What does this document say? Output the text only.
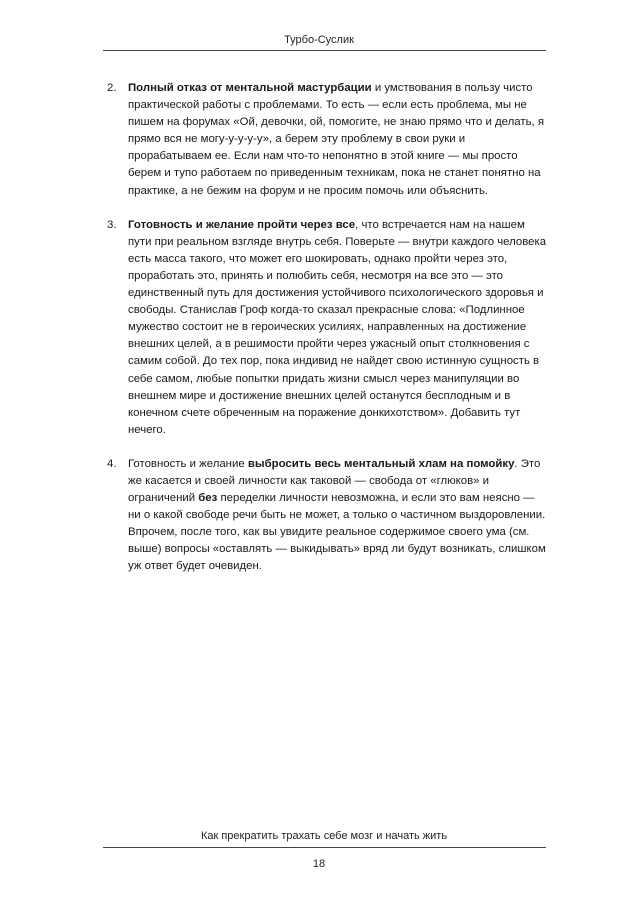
Турбо-Суслик
2. Полный отказ от ментальной мастурбации и умствования в пользу чисто практической работы с проблемами. То есть — если есть проблема, мы не пишем на форумах «Ой, девочки, ой, помогите, не знаю прямо что и делать, я прямо вся не могу-у-у-у-у», а берем эту проблему в свои руки и прорабатываем ее. Если нам что-то непонятно в этой книге — мы просто берем и тупо работаем по приведенным техникам, пока не станет понятно на практике, а не бежим на форум и не просим помочь или объяснить.
3. Готовность и желание пройти через все, что встречается нам на нашем пути при реальном взгляде внутрь себя. Поверьте — внутри каждого человека есть масса такого, что может его шокировать, однако пройти через это, проработать это, принять и полюбить себя, несмотря на все это — это единственный путь для достижения устойчивого психологического здоровья и свободы. Станислав Гроф когда-то сказал прекрасные слова: «Подлинное мужество состоит не в героических усилиях, направленных на достижение внешних целей, а в решимости пройти через ужасный опыт столкновения с самим собой. До тех пор, пока индивид не найдет свою истинную сущность в себе самом, любые попытки придать жизни смысл через манипуляции во внешнем мире и достижение внешних целей останутся бесплодным и в конечном счете обреченным на поражение донкихотством». Добавить тут нечего.
4. Готовность и желание выбросить весь ментальный хлам на помойку. Это же касается и своей личности как таковой — свобода от «глюков» и ограничений без переделки личности невозможна, и если это вам неясно — ни о какой свободе речи быть не может, а только о частичном выздоровлении. Впрочем, после того, как вы увидите реальное содержимое своего ума (см. выше) вопросы «оставлять — выкидывать» вряд ли будут возникать, слишком уж ответ будет очевиден.
Как прекратить трахать себе мозг и начать жить
18
